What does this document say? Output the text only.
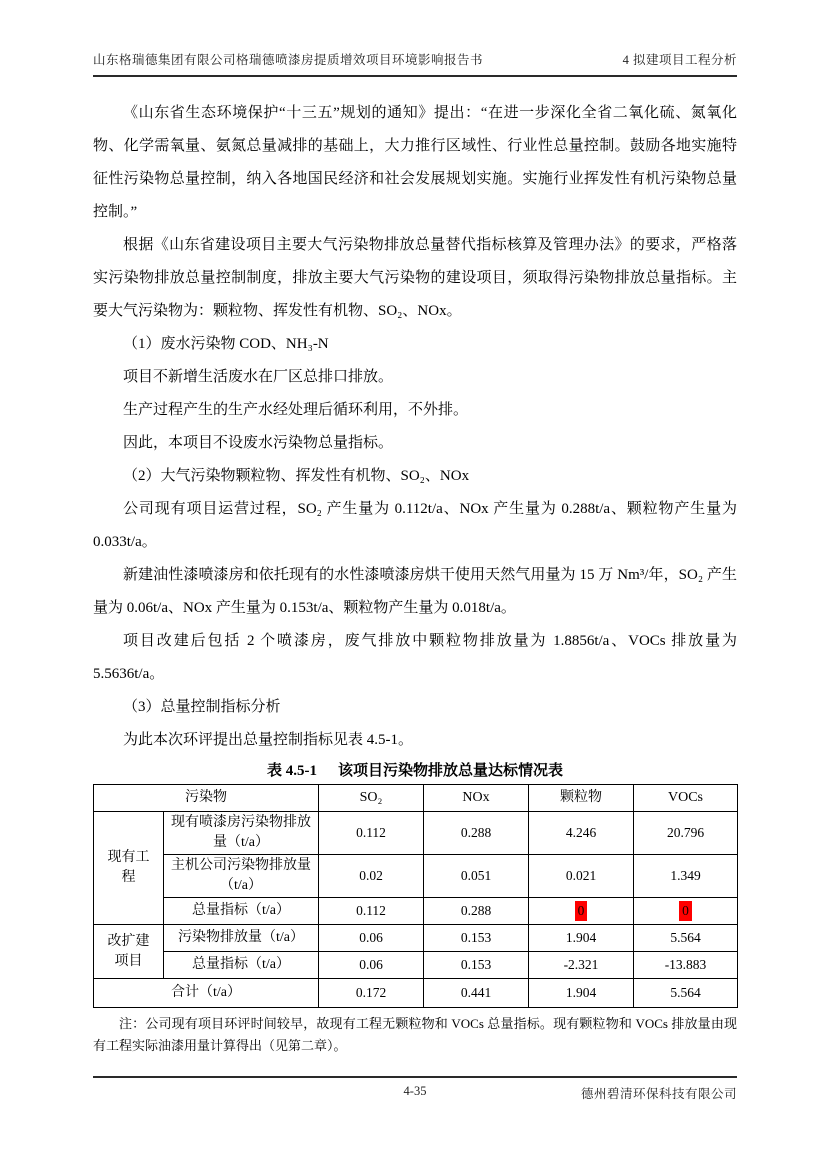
山东格瑞德集团有限公司格瑞德喷漆房提质增效项目环境影响报告书	4 拟建项目工程分析

《山东省生态环境保护“十三五”规划的通知》提出：“在进一步深化全省二氧化硫、氮氧化物、化学需氧量、氨氮总量减排的基础上，大力推行区域性、行业性总量控制。鼓励各地实施特征性污染物总量控制，纳入各地国民经济和社会发展规划实施。实施行业挥发性有机污染物总量控制。”

根据《山东省建设项目主要大气污染物排放总量替代指标核算及管理办法》的要求，严格落实污染物排放总量控制制度，排放主要大气污染物的建设项目，须取得污染物排放总量指标。主要大气污染物为：颗粒物、挥发性有机物、SO₂、NOx。

（1）废水污染物 COD、NH₃-N

项目不新增生活废水在厂区总排口排放。

生产过程产生的生产水经处理后循环利用，不外排。

因此，本项目不设废水污染物总量指标。

（2）大气污染物颗粒物、挥发性有机物、SO₂、NOx

公司现有项目运营过程，SO₂ 产生量为 0.112t/a、NOx 产生量为 0.288t/a、颗粒物产生量为 0.033t/a。

新建油性漆喷漆房和依托现有的水性漆喷漆房烘干使用天然气用量为 15 万 Nm³/年，SO₂ 产生量为 0.06t/a、NOx 产生量为 0.153t/a、颗粒物产生量为 0.018t/a。

项目改建后包括 2 个喷漆房，废气排放中颗粒物排放量为 1.8856t/a、VOCs 排放量为 5.5636t/a。

（3）总量控制指标分析

为此本次环评提出总量控制指标见表 4.5-1。

表 4.5-1 该项目污染物排放总量达标情况表
污染物		SO₂	NOx	颗粒物	VOCs
现有工程	现有喷漆房污染物排放量（t/a）	0.112	0.288	4.246	20.796
	主机公司污染物排放量（t/a）	0.02	0.051	0.021	1.349
	总量指标（t/a）	0.112	0.288	0	0
改扩建项目	污染物排放量（t/a）	0.06	0.153	1.904	5.564
	总量指标（t/a）	0.06	0.153	-2.321	-13.883
合计（t/a）		0.172	0.441	1.904	5.564
注：公司现有项目环评时间较早，故现有工程无颗粒物和 VOCs 总量指标。现有颗粒物和 VOCs 排放量由现有工程实际油漆用量计算得出（见第二章）。
4-35	德州碧清环保科技有限公司
